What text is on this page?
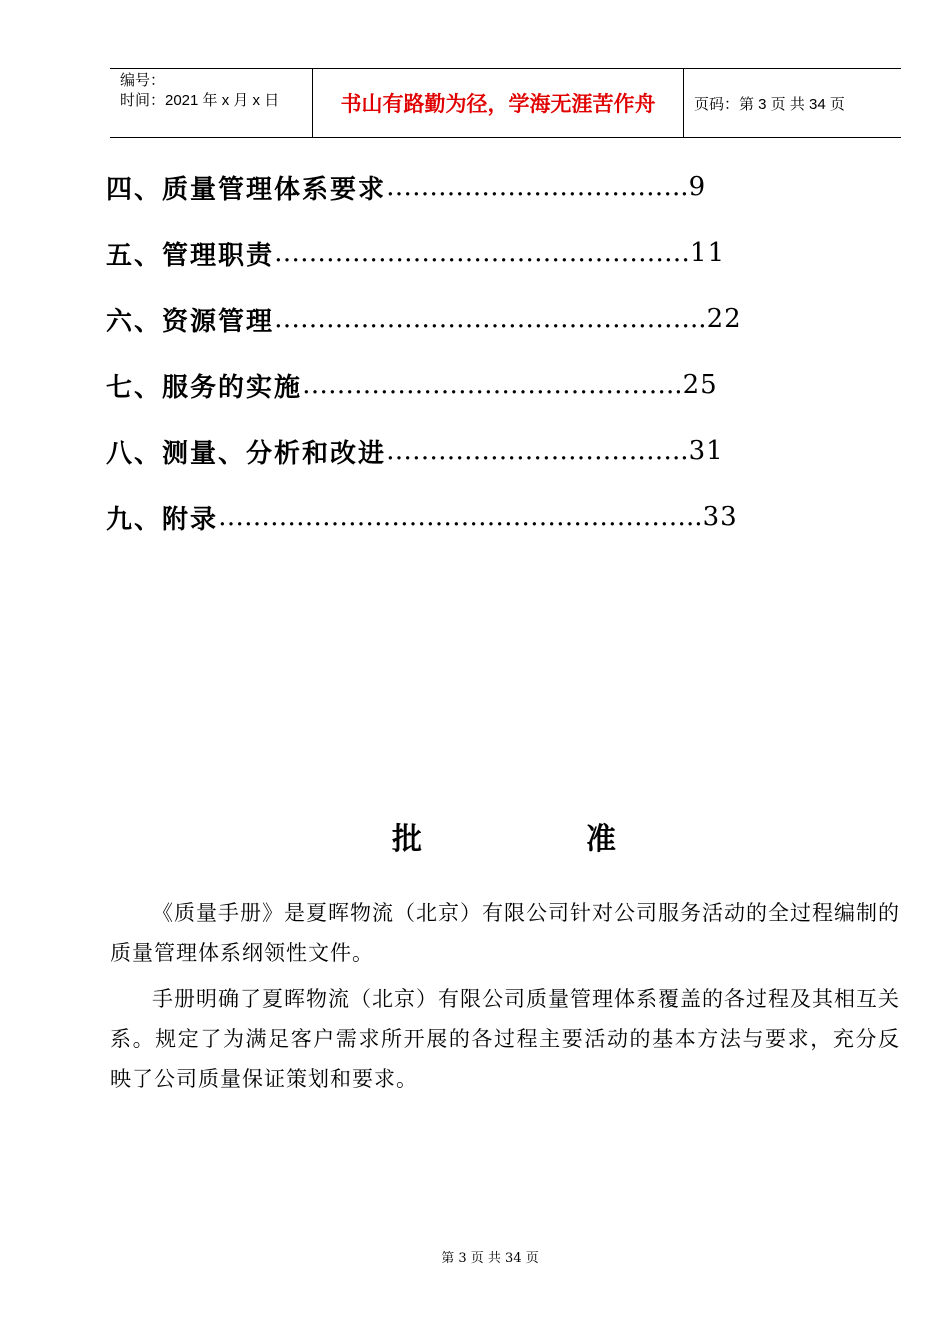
编号：
时间：2021 年 x 月 x 日	书山有路勤为径，学海无涯苦作舟	页码：第 3 页 共 34 页
四、 质量管理体系要求 …………………………….. 9
五、 管理职责 ………………………………………… 11
六、 资源管理 ………………………………………….. 22
七、 服务的实施 …………………………………….. 25
八、 测量、分析和改进 …………………………….. 31
九、 附录 ……………………………………………….. 33
批	准

《质量手册》是夏晖物流（北京）有限公司针对公司服务活动的全过程编制的质量管理体系纲领性文件。

手册明确了夏晖物流（北京）有限公司质量管理体系覆盖的各过程及其相互关系。规定了为满足客户需求所开展的各过程主要活动的基本方法与要求，充分反映了公司质量保证策划和要求。

第 3 页 共 34 页
